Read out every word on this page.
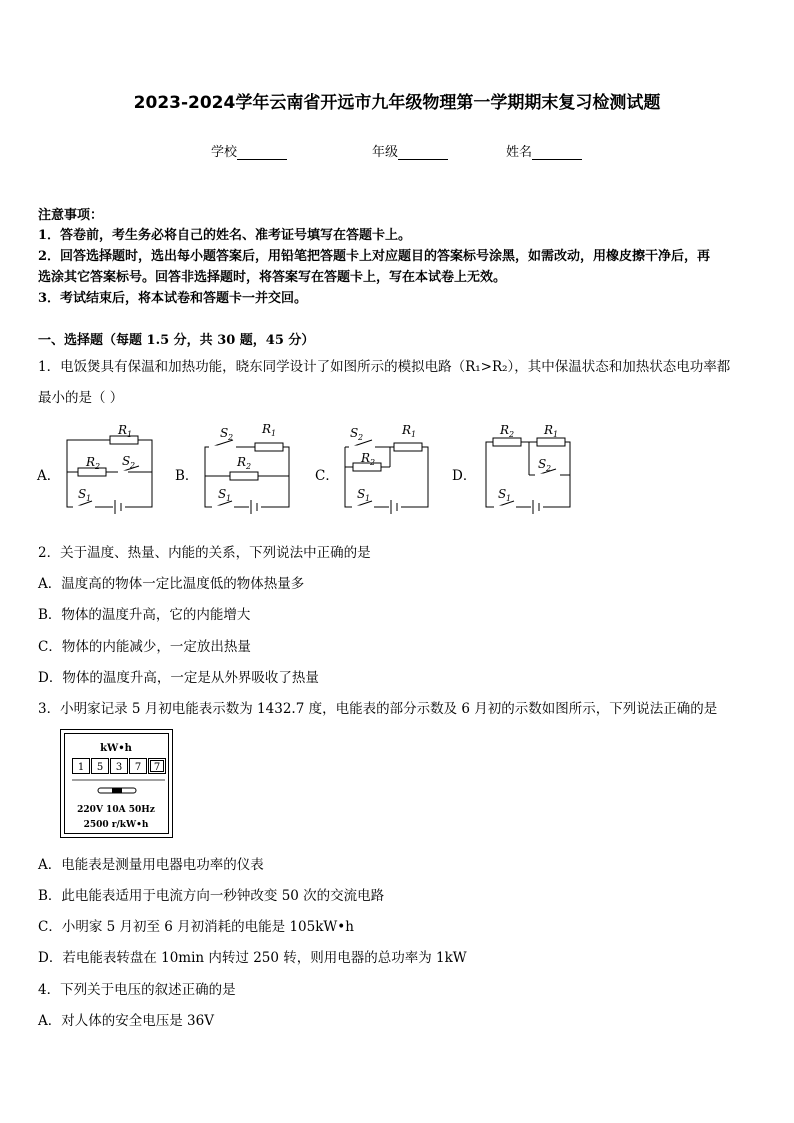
2023-2024学年云南省开远市九年级物理第一学期期末复习检测试题
学校	年级	姓名
注意事项：
1．答卷前，考生务必将自己的姓名、准考证号填写在答题卡上。
2．回答选择题时，选出每小题答案后，用铅笔把答题卡上对应题目的答案标号涂黑，如需改动，用橡皮擦干净后，再
选涂其它答案标号。回答非选择题时，将答案写在答题卡上，写在本试卷上无效。
3．考试结束后，将本试卷和答题卡一并交回。
一、选择题（每题 1.5 分，共 30 题，45 分）
1．电饭煲具有保温和加热功能，晓东同学设计了如图所示的模拟电路（R₁>R₂），其中保温状态和加热状态电功率都
最小的是（ ）
A．	B．	C．	D．
R 1
R 2 S 2
S 1
S 2
R 1
R 2
S 1
S 2
R 1
R 2
S 1
R 2 R 1
S 2
S 1
2．关于温度、热量、内能的关系，下列说法中正确的是
A．温度高的物体一定比温度低的物体热量多
B．物体的温度升高，它的内能增大
C．物体的内能减少，一定放出热量
D．物体的温度升高，一定是从外界吸收了热量
3．小明家记录 5 月初电能表示数为 1432.7 度，电能表的部分示数及 6 月初的示数如图所示，下列说法正确的是
kW•h
1 5 3 7 7
220V 10A 50Hz
2500 r/kW•h
A．电能表是测量用电器电功率的仪表
B．此电能表适用于电流方向一秒钟改变 50 次的交流电路
C．小明家 5 月初至 6 月初消耗的电能是 105kW•h
D．若电能表转盘在 10min 内转过 250 转，则用电器的总功率为 1kW
4．下列关于电压的叙述正确的是
A．对人体的安全电压是 36V
